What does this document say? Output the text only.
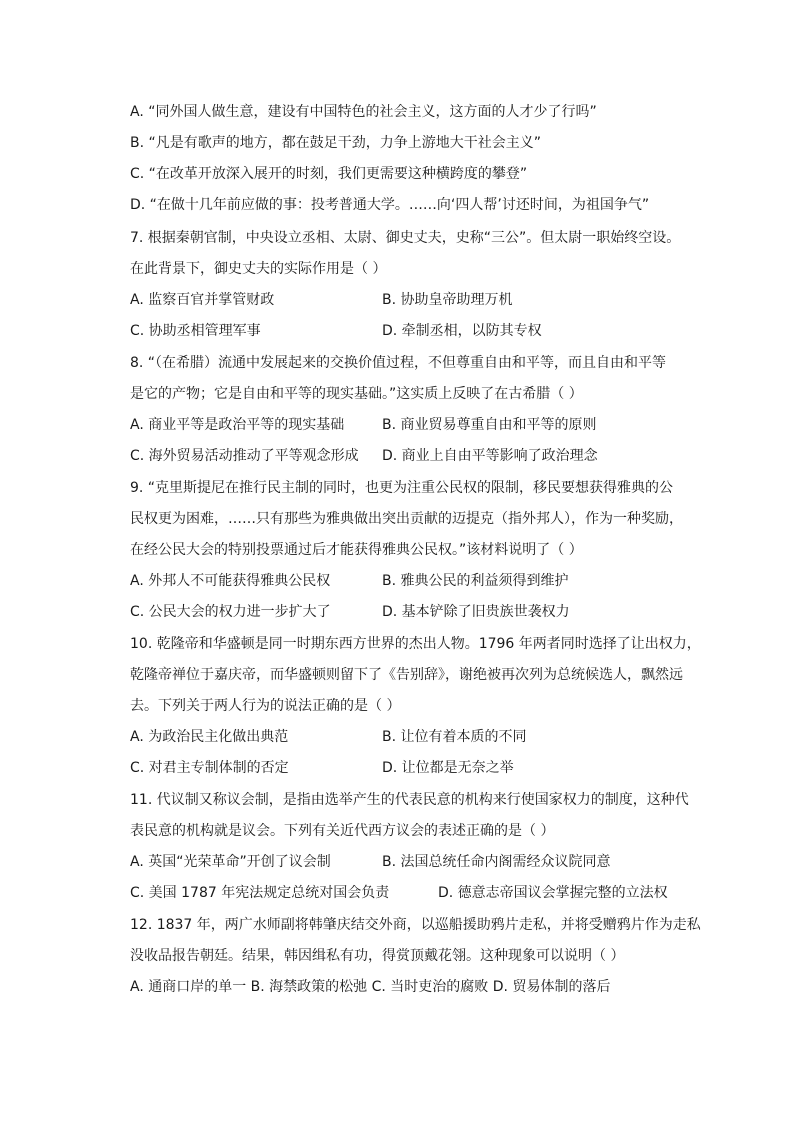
A. “同外国人做生意，建设有中国特色的社会主义，这方面的人才少了行吗”
B. “凡是有歌声的地方，都在鼓足干劲，力争上游地大干社会主义”
C. “在改革开放深入展开的时刻，我们更需要这种横跨度的攀登”
D. “在做十几年前应做的事：投考普通大学。……向‘四人帮’讨还时间，为祖国争气”
7. 根据秦朝官制，中央设立丞相、太尉、御史丈夫，史称“三公”。但太尉一职始终空设。
在此背景下，御史丈夫的实际作用是（ ）
A. 监察百官并掌管财政	B. 协助皇帝助理万机
C. 协助丞相管理军事	D. 牵制丞相，以防其专权
8. “（在希腊）流通中发展起来的交换价值过程，不但尊重自由和平等，而且自由和平等
是它的产物；它是自由和平等的现实基础。”这实质上反映了在古希腊（ ）
A. 商业平等是政治平等的现实基础	B. 商业贸易尊重自由和平等的原则
C. 海外贸易活动推动了平等观念形成 D. 商业上自由平等影响了政治理念
9. “克里斯提尼在推行民主制的同时，也更为注重公民权的限制，移民要想获得雅典的公
民权更为困难，……只有那些为雅典做出突出贡献的迈提克（指外邦人），作为一种奖励，
在经公民大会的特别投票通过后才能获得雅典公民权。”该材料说明了（ ）
A. 外邦人不可能获得雅典公民权	B. 雅典公民的利益须得到维护
C. 公民大会的权力进一步扩大了	D. 基本铲除了旧贵族世袭权力
10. 乾隆帝和华盛顿是同一时期东西方世界的杰出人物。1796 年两者同时选择了让出权力，
乾隆帝禅位于嘉庆帝，而华盛顿则留下了《告别辞》，谢绝被再次列为总统候选人，飘然远
去。下列关于两人行为的说法正确的是（ ）
A. 为政治民主化做出典范	B. 让位有着本质的不同
C. 对君主专制体制的否定	D. 让位都是无奈之举
11. 代议制又称议会制，是指由选举产生的代表民意的机构来行使国家权力的制度，这种代
表民意的机构就是议会。下列有关近代西方议会的表述正确的是（ ）
A. 英国“光荣革命”开创了议会制	B. 法国总统任命内阁需经众议院同意
C. 美国 1787 年宪法规定总统对国会负责	D. 德意志帝国议会掌握完整的立法权
12. 1837 年，两广水师副将韩肇庆结交外商，以巡船援助鸦片走私，并将受赠鸦片作为走私
没收品报告朝廷。结果，韩因缉私有功，得赏顶戴花翎。这种现象可以说明（ ）
A. 通商口岸的单一 B. 海禁政策的松弛 C. 当时吏治的腐败 D. 贸易体制的落后
